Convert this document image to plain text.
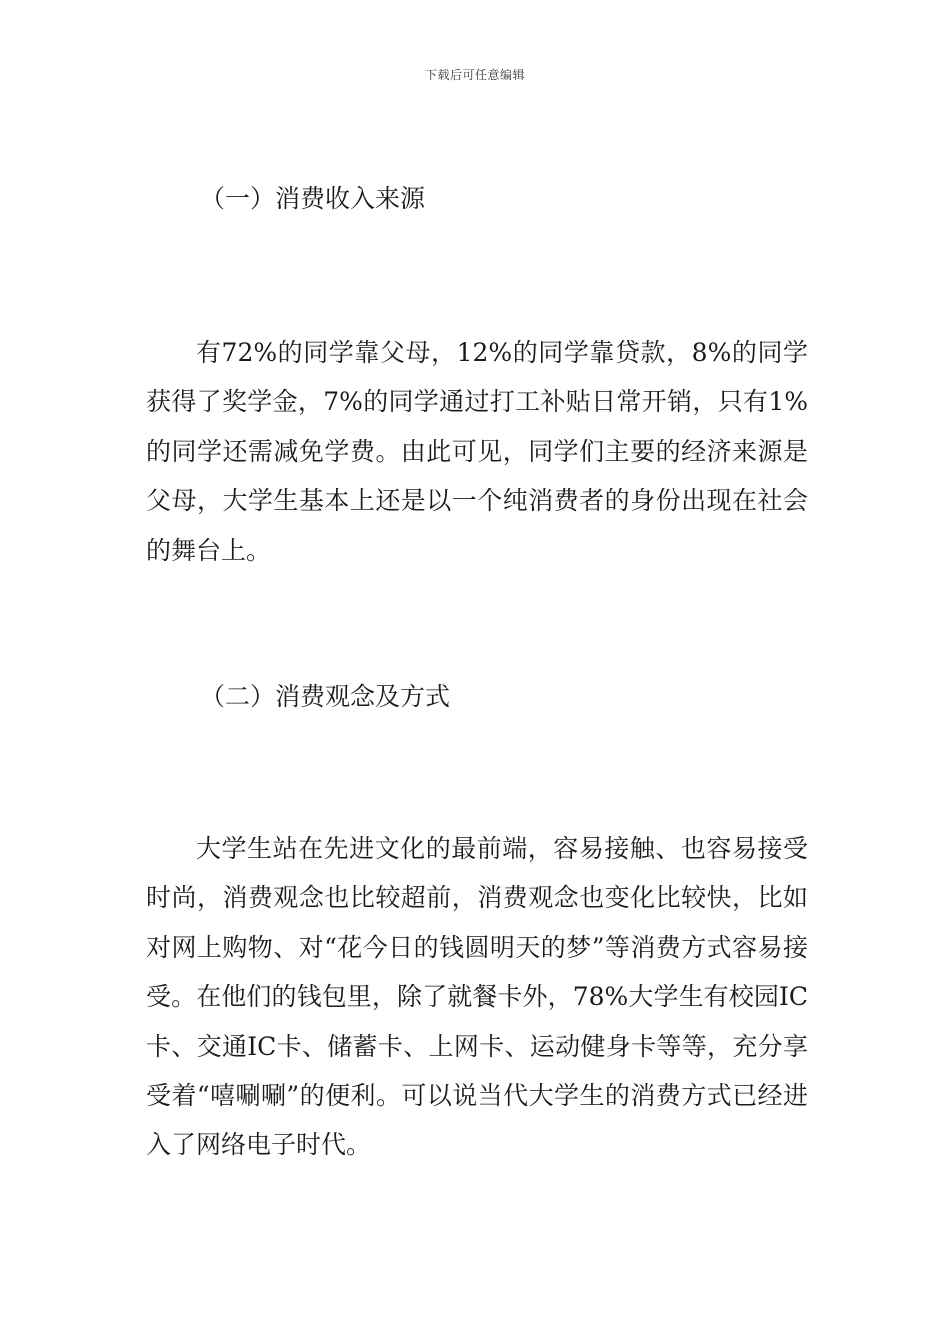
下载后可任意编辑
（一）消费收入来源

有72%的同学靠父母，12%的同学靠贷款，8%的同学获得了奖学金，7%的同学通过打工补贴日常开销，只有1%的同学还需减免学费。由此可见，同学们主要的经济来源是父母，大学生基本上还是以一个纯消费者的身份出现在社会的舞台上。

（二）消费观念及方式

大学生站在先进文化的最前端，容易接触、也容易接受时尚，消费观念也比较超前，消费观念也变化比较快，比如对网上购物、对“花今日的钱圆明天的梦”等消费方式容易接受。在他们的钱包里，除了就餐卡外，78%大学生有校园IC卡、交通IC卡、储蓄卡、上网卡、运动健身卡等等，充分享受着“嘻唰唰”的便利。可以说当代大学生的消费方式已经进入了网络电子时代。
